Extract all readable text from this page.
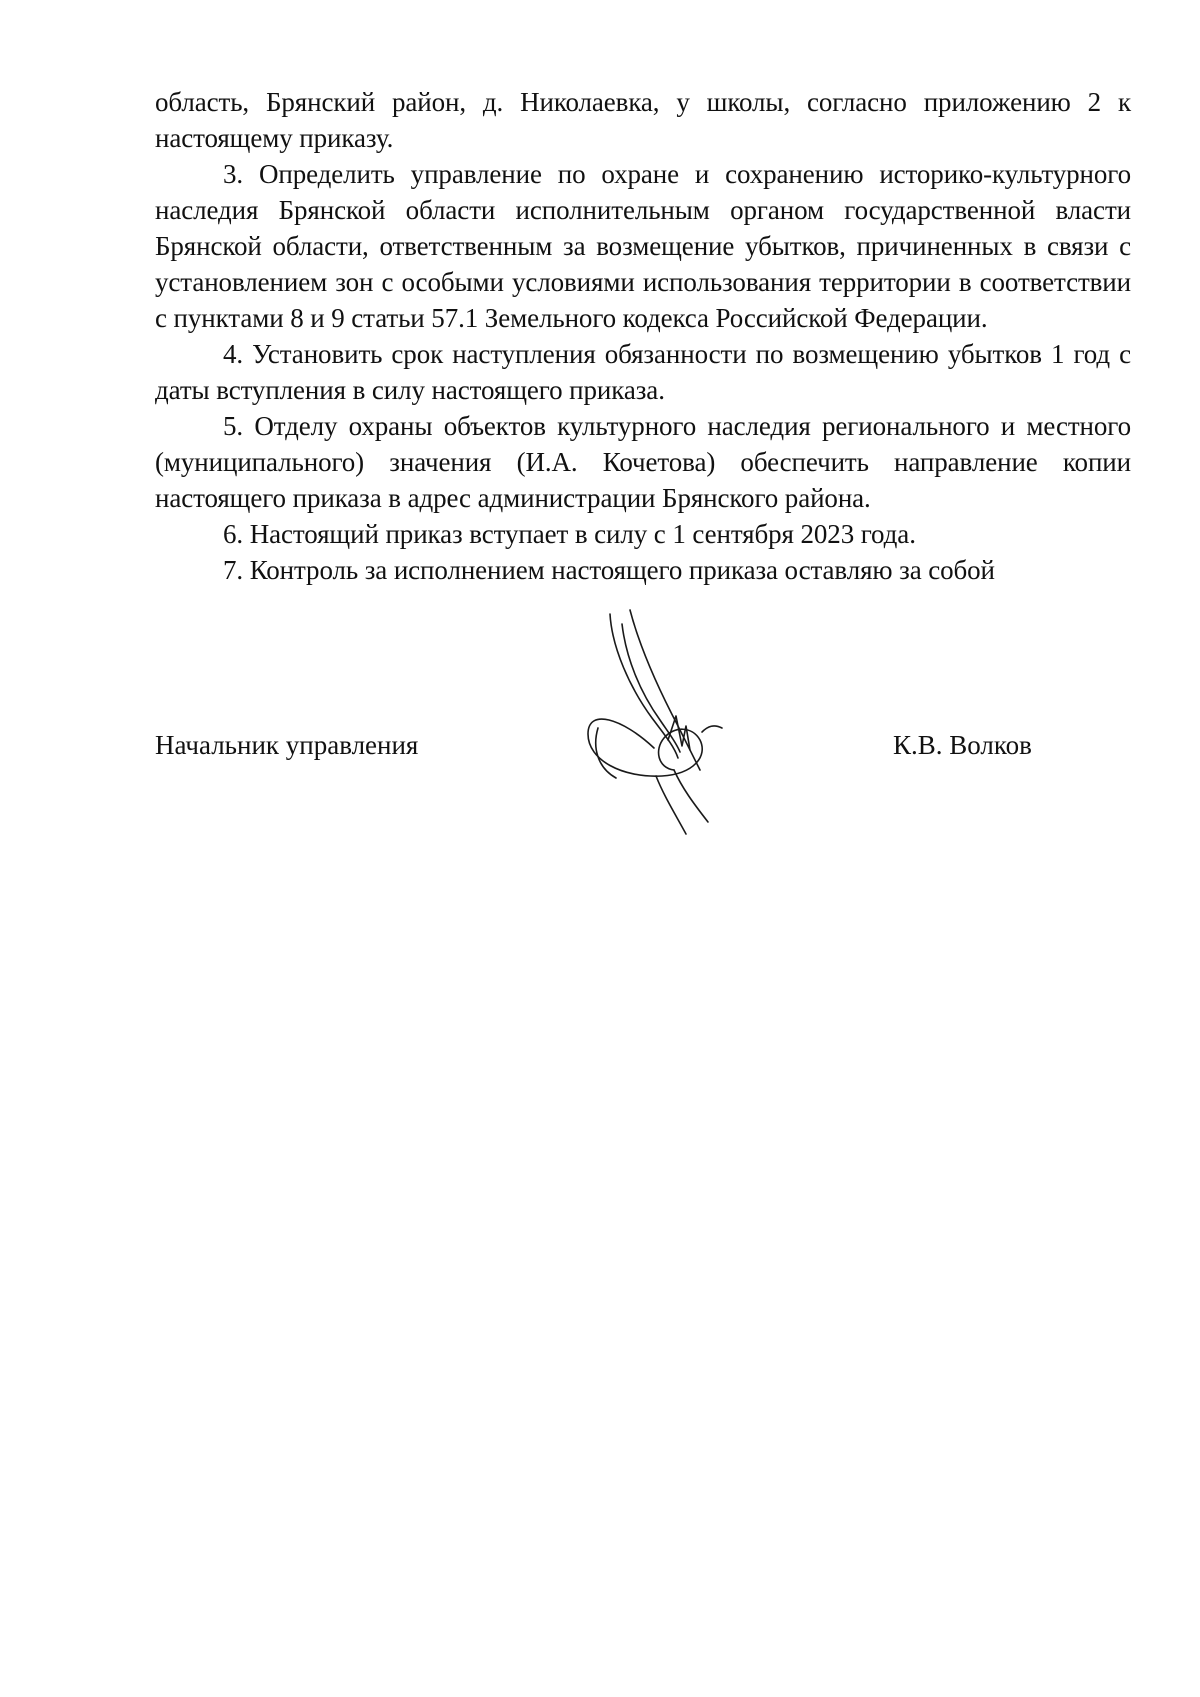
область, Брянский район, д. Николаевка, у школы, согласно приложению 2 к настоящему приказу.

3. Определить управление по охране и сохранению историко-культурного наследия Брянской области исполнительным органом государственной власти Брянской области, ответственным за возмещение убытков, причиненных в связи с установлением зон с особыми условиями использования территории в соответствии с пунктами 8 и 9 статьи 57.1 Земельного кодекса Российской Федерации.

4. Установить срок наступления обязанности по возмещению убытков 1 год с даты вступления в силу настоящего приказа.

5. Отделу охраны объектов культурного наследия регионального и местного (муниципального) значения (И.А. Кочетова) обеспечить направление копии настоящего приказа в адрес администрации Брянского района.

6. Настоящий приказ вступает в силу с 1 сентября 2023 года.

7. Контроль за исполнением настоящего приказа оставляю за собой

Начальник управления	К.В. Волков
